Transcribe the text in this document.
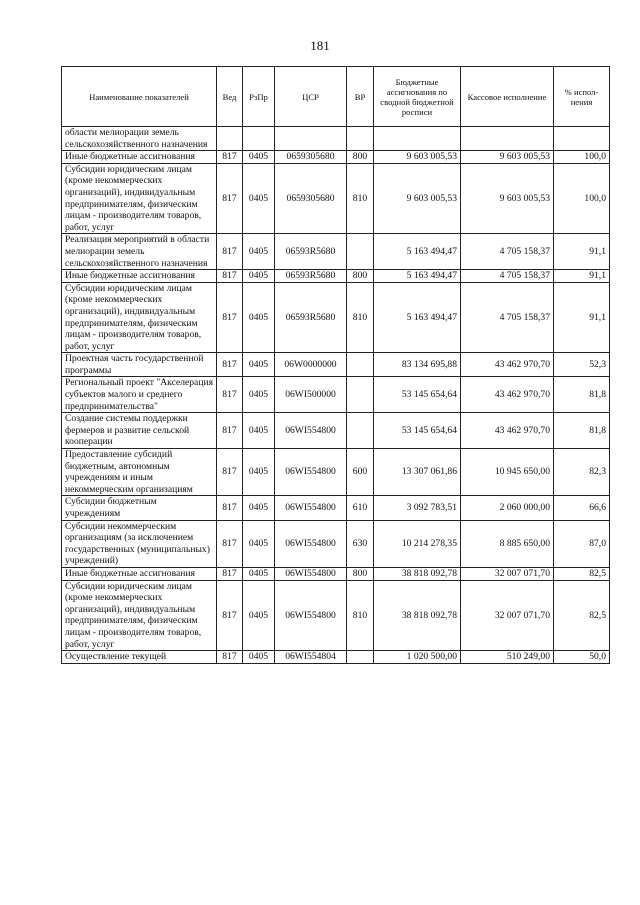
181
Наименование показателей	Вед	РзПр	ЦСР	ВР	Бюджетные ассигнования по сводной бюджетной росписи	Кассовое исполнение	% испол-нения
области мелиорации земель сельскохозяйственного назначения							
Иные бюджетные ассигнования	817	0405	0659305680	800	9 603 005,53	9 603 005,53	100,0
Субсидии юридическим лицам (кроме некоммерческих организаций), индивидуальным предпринимателям, физическим лицам - производителям товаров, работ, услуг	817	0405	0659305680	810	9 603 005,53	9 603 005,53	100,0
Реализация мероприятий в области мелиорации земель сельскохозяйственного назначения	817	0405	06593R5680		5 163 494,47	4 705 158,37	91,1
Иные бюджетные ассигнования	817	0405	06593R5680	800	5 163 494,47	4 705 158,37	91,1
Субсидии юридическим лицам (кроме некоммерческих организаций), индивидуальным предпринимателям, физическим лицам - производителям товаров, работ, услуг	817	0405	06593R5680	810	5 163 494,47	4 705 158,37	91,1
Проектная часть государственной программы	817	0405	06W0000000		83 134 695,88	43 462 970,70	52,3
Региональный проект "Акселерация субъектов малого и среднего предпринимательства"	817	0405	06WI500000		53 145 654,64	43 462 970,70	81,8
Создание системы поддержки фермеров и развитие сельской кооперации	817	0405	06WI554800		53 145 654,64	43 462 970,70	81,8
Предоставление субсидий бюджетным, автономным учреждениям и иным некоммерческим организациям	817	0405	06WI554800	600	13 307 061,86	10 945 650,00	82,3
Субсидии бюджетным учреждениям	817	0405	06WI554800	610	3 092 783,51	2 060 000,00	66,6
Субсидии некоммерческим организациям (за исключением государственных (муниципальных) учреждений)	817	0405	06WI554800	630	10 214 278,35	8 885 650,00	87,0
Иные бюджетные ассигнования	817	0405	06WI554800	800	38 818 092,78	32 007 071,70	82,5
Субсидии юридическим лицам (кроме некоммерческих организаций), индивидуальным предпринимателям, физическим лицам - производителям товаров, работ, услуг	817	0405	06WI554800	810	38 818 092,78	32 007 071,70	82,5
Осуществление текущей	817	0405	06WI554804		1 020 500,00	510 249,00	50,0
